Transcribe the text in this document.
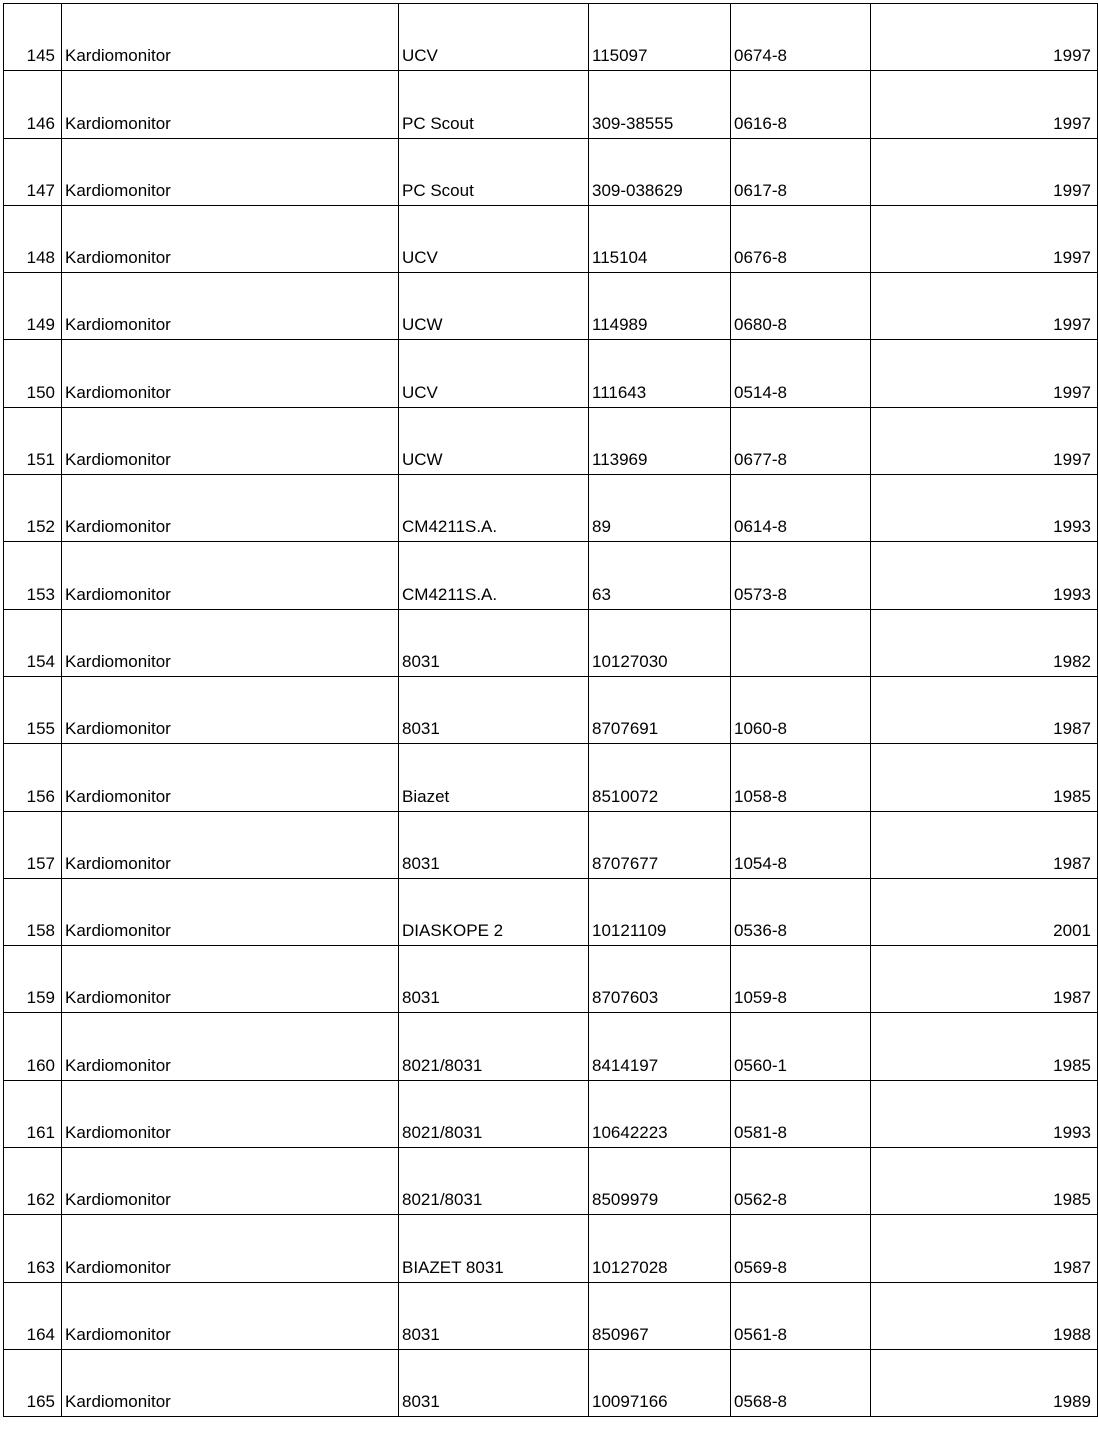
145	Kardiomonitor	UCV	115097	0674-8	1997
146	Kardiomonitor	PC Scout	309-38555	0616-8	1997
147	Kardiomonitor	PC Scout	309-038629	0617-8	1997
148	Kardiomonitor	UCV	115104	0676-8	1997
149	Kardiomonitor	UCW	114989	0680-8	1997
150	Kardiomonitor	UCV	111643	0514-8	1997
151	Kardiomonitor	UCW	113969	0677-8	1997
152	Kardiomonitor	CM4211S.A.	89	0614-8	1993
153	Kardiomonitor	CM4211S.A.	63	0573-8	1993
154	Kardiomonitor	8031	10127030		1982
155	Kardiomonitor	8031	8707691	1060-8	1987
156	Kardiomonitor	Biazet	8510072	1058-8	1985
157	Kardiomonitor	8031	8707677	1054-8	1987
158	Kardiomonitor	DIASKOPE 2	10121109	0536-8	2001
159	Kardiomonitor	8031	8707603	1059-8	1987
160	Kardiomonitor	8021/8031	8414197	0560-1	1985
161	Kardiomonitor	8021/8031	10642223	0581-8	1993
162	Kardiomonitor	8021/8031	8509979	0562-8	1985
163	Kardiomonitor	BIAZET 8031	10127028	0569-8	1987
164	Kardiomonitor	8031	850967	0561-8	1988
165	Kardiomonitor	8031	10097166	0568-8	1989
